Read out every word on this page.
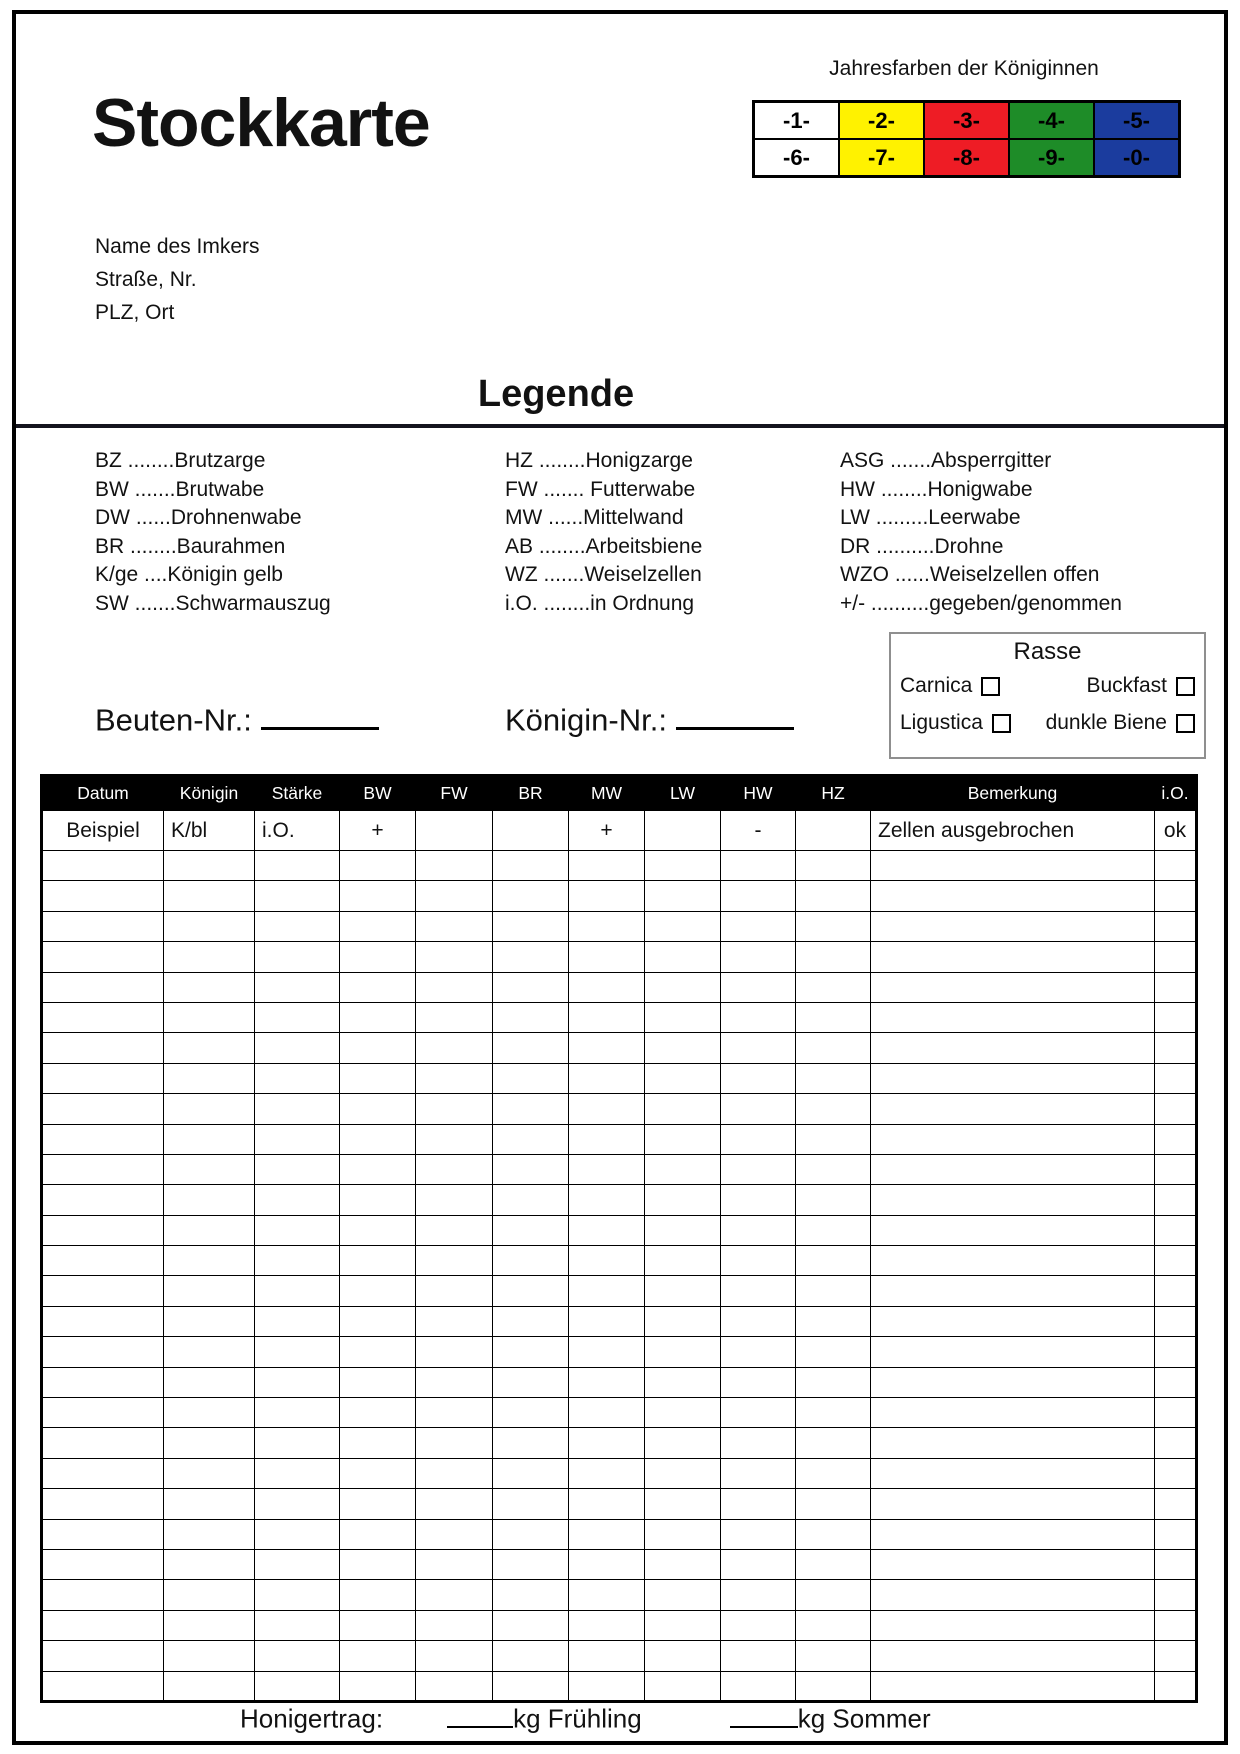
Stockkarte
Jahresfarben der Königinnen
-1-	-2-	-3-	-4-	-5-
-6-	-7-	-8-	-9-	-0-
Name des Imkers
Straße, Nr.
PLZ, Ort
Legende
BZ ........Brutzarge
BW .......Brutwabe
DW ......Drohnenwabe
BR ........Baurahmen
K/ge ....Königin gelb
SW .......Schwarmauszug
HZ ........Honigzarge
FW ....... Futterwabe
MW ......Mittelwand
AB ........Arbeitsbiene
WZ .......Weiselzellen
i.O. ........in Ordnung
ASG .......Absperrgitter
HW ........Honigwabe
LW .........Leerwabe
DR ..........Drohne
WZO ......Weiselzellen offen
+/- ..........gegeben/genommen
Rasse
Carnica	Buckfast
Ligustica	dunkle Biene
Beuten-Nr.:	Königin-Nr.:
Datum	Königin	Stärke	BW	FW	BR	MW	LW	HW	HZ	Bemerkung	i.O.
Beispiel	K/bl	i.O.	+			+		-		Zellen ausgebrochen	ok

Honigertrag:	kg Frühling	kg Sommer
